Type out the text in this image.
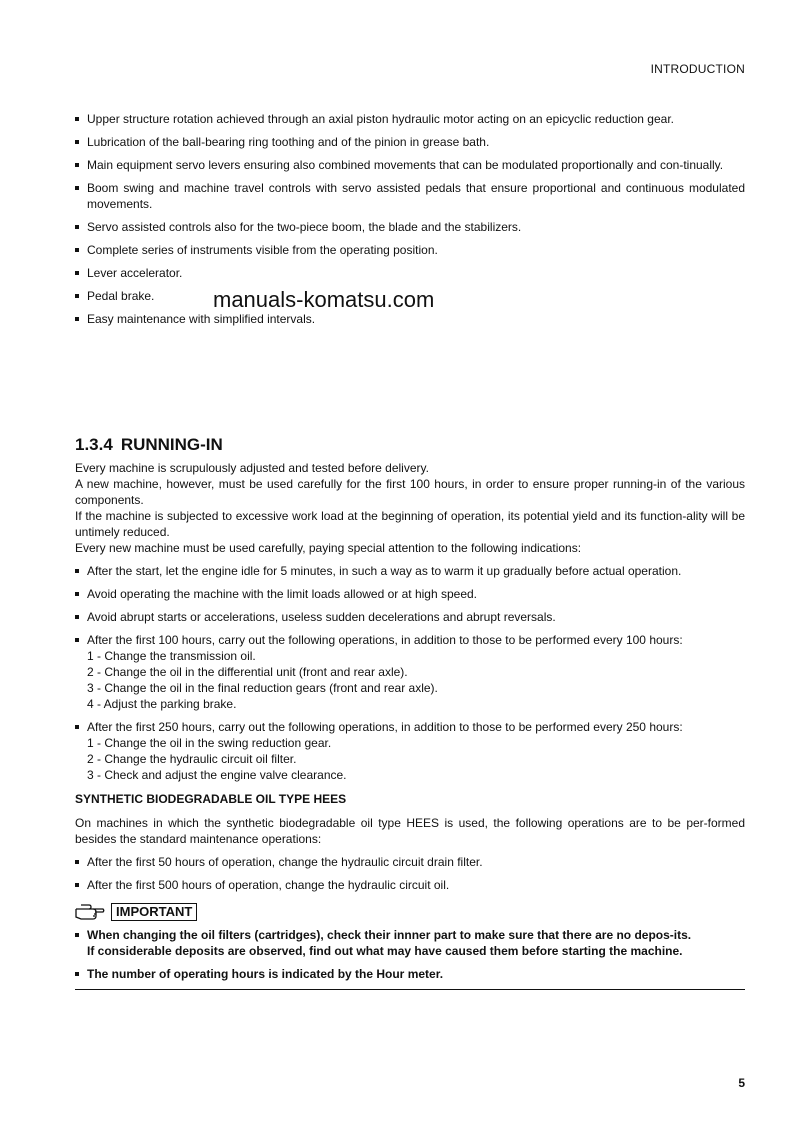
INTRODUCTION
Upper structure rotation achieved through an axial piston hydraulic motor acting on an epicyclic reduction gear.
Lubrication of the ball-bearing ring toothing and of the pinion in grease bath.
Main equipment servo levers ensuring also combined movements that can be modulated proportionally and con-tinually.
Boom swing and machine travel controls with servo assisted pedals that ensure proportional and continuous modulated movements.
Servo assisted controls also for the two-piece boom, the blade and the stabilizers.
Complete series of instruments visible from the operating position.
Lever accelerator.
Pedal brake.
Easy maintenance with simplified intervals.
manuals-komatsu.com
1.3.4 RUNNING-IN

Every machine is scrupulously adjusted and tested before delivery.

A new machine, however, must be used carefully for the first 100 hours, in order to ensure proper running-in of the various components.

If the machine is subjected to excessive work load at the beginning of operation, its potential yield and its function-ality will be untimely reduced.

Every new machine must be used carefully, paying special attention to the following indications:

After the start, let the engine idle for 5 minutes, in such a way as to warm it up gradually before actual operation.
Avoid operating the machine with the limit loads allowed or at high speed.
Avoid abrupt starts or accelerations, useless sudden decelerations and abrupt reversals.
After the first 100 hours, carry out the following operations, in addition to those to be performed every 100 hours:
1 - Change the transmission oil.
2 - Change the oil in the differential unit (front and rear axle).
3 - Change the oil in the final reduction gears (front and rear axle).
4 - Adjust the parking brake.
After the first 250 hours, carry out the following operations, in addition to those to be performed every 250 hours:
1 - Change the oil in the swing reduction gear.
2 - Change the hydraulic circuit oil filter.
3 - Check and adjust the engine valve clearance.
SYNTHETIC BIODEGRADABLE OIL TYPE HEES

On machines in which the synthetic biodegradable oil type HEES is used, the following operations are to be per-formed besides the standard maintenance operations:

After the first 50 hours of operation, change the hydraulic circuit drain filter.
After the first 500 hours of operation, change the hydraulic circuit oil.
IMPORTANT
When changing the oil filters (cartridges), check their innner part to make sure that there are no depos-its.
If considerable deposits are observed, find out what may have caused them before starting the machine.
The number of operating hours is indicated by the Hour meter.
5
